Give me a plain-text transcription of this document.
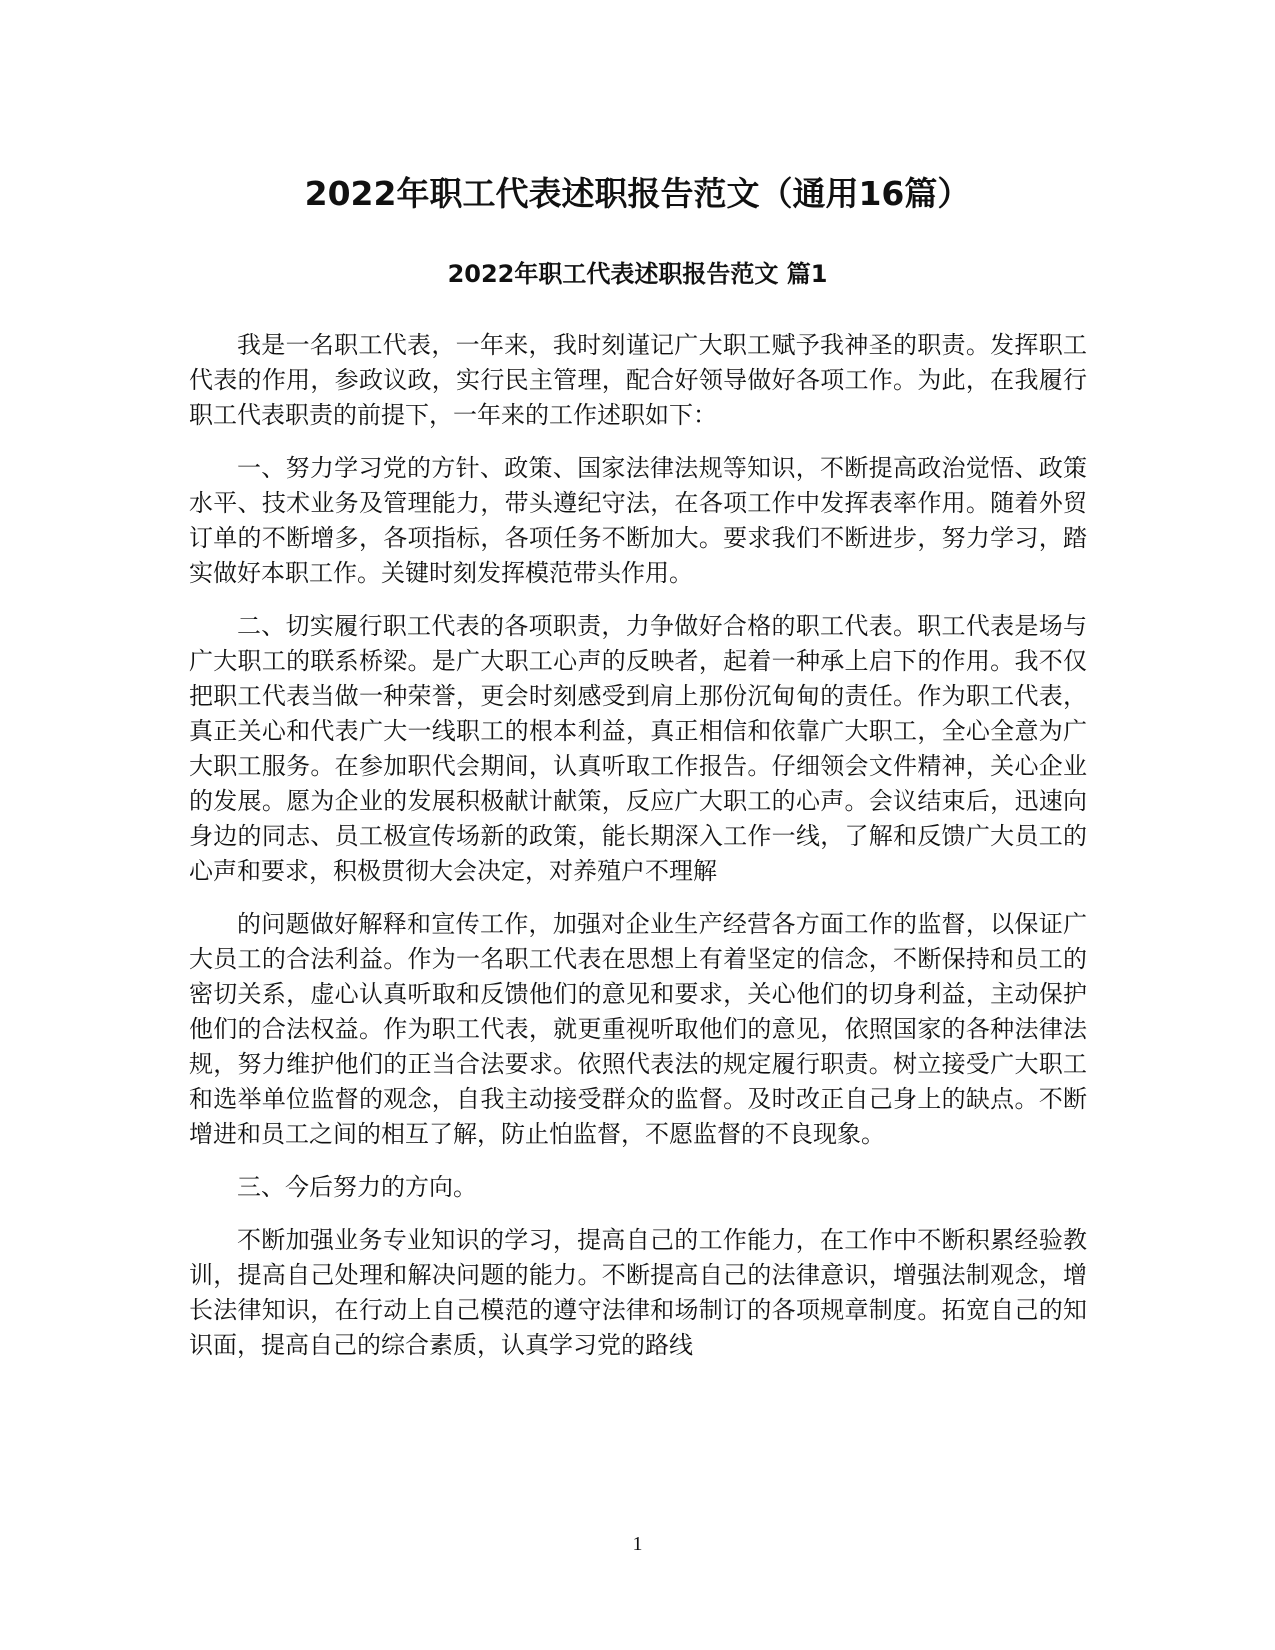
2022年职工代表述职报告范文（通用16篇）
2022年职工代表述职报告范文 篇1

我是一名职工代表，一年来，我时刻谨记广大职工赋予我神圣的职责。发挥职工代表的作用，参政议政，实行民主管理，配合好领导做好各项工作。为此，在我履行职工代表职责的前提下，一年来的工作述职如下：

一、努力学习党的方针、政策、国家法律法规等知识，不断提高政治觉悟、政策水平、技术业务及管理能力，带头遵纪守法，在各项工作中发挥表率作用。随着外贸订单的不断增多，各项指标，各项任务不断加大。要求我们不断进步，努力学习，踏实做好本职工作。关键时刻发挥模范带头作用。

二、切实履行职工代表的各项职责，力争做好合格的职工代表。职工代表是场与广大职工的联系桥梁。是广大职工心声的反映者，起着一种承上启下的作用。我不仅把职工代表当做一种荣誉，更会时刻感受到肩上那份沉甸甸的责任。作为职工代表，真正关心和代表广大一线职工的根本利益，真正相信和依靠广大职工，全心全意为广大职工服务。在参加职代会期间，认真听取工作报告。仔细领会文件精神，关心企业的发展。愿为企业的发展积极献计献策，反应广大职工的心声。会议结束后，迅速向身边的同志、员工极宣传场新的政策，能长期深入工作一线，了解和反馈广大员工的心声和要求，积极贯彻大会决定，对养殖户不理解

的问题做好解释和宣传工作，加强对企业生产经营各方面工作的监督，以保证广大员工的合法利益。作为一名职工代表在思想上有着坚定的信念，不断保持和员工的密切关系，虚心认真听取和反馈他们的意见和要求，关心他们的切身利益，主动保护他们的合法权益。作为职工代表，就更重视听取他们的意见，依照国家的各种法律法规，努力维护他们的正当合法要求。依照代表法的规定履行职责。树立接受广大职工和选举单位监督的观念，自我主动接受群众的监督。及时改正自己身上的缺点。不断增进和员工之间的相互了解，防止怕监督，不愿监督的不良现象。

三、今后努力的方向。

不断加强业务专业知识的学习，提高自己的工作能力，在工作中不断积累经验教训，提高自己处理和解决问题的能力。不断提高自己的法律意识，增强法制观念，增长法律知识，在行动上自己模范的遵守法律和场制订的各项规章制度。拓宽自己的知识面，提高自己的综合素质，认真学习党的路线

1
